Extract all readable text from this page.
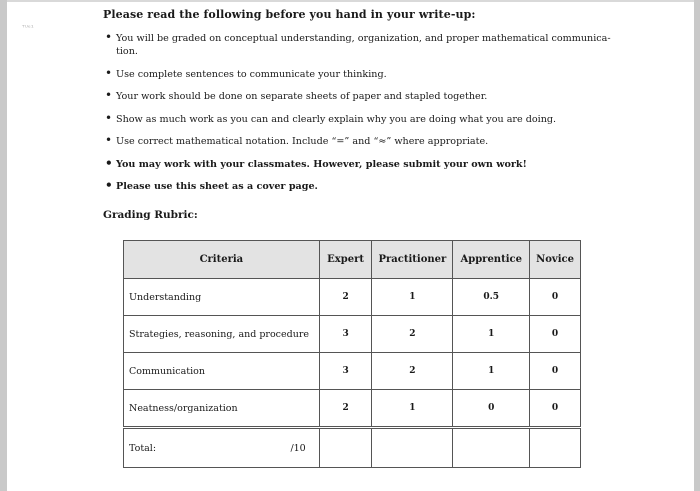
ᵀᵁᵉ¹
Please read the following before you hand in your write-up:
• You will be graded on conceptual understanding, organization, and proper mathematical communica-tion.
• Use complete sentences to communicate your thinking.
• Your work should be done on separate sheets of paper and stapled together.
• Show as much work as you can and clearly explain why you are doing what you are doing.
• Use correct mathematical notation. Include “=” and “≈” where appropriate.
• You may work with your classmates. However, please submit your own work!
• Please use this sheet as a cover page.
Grading Rubric:
Criteria	Expert	Practitioner	Apprentice	Novice
Understanding	2	1	0.5	0
Strategies, reasoning, and procedure	3	2	1	0
Communication	3	2	1	0
Neatness/organization	2	1	0	0

Total: /10				
